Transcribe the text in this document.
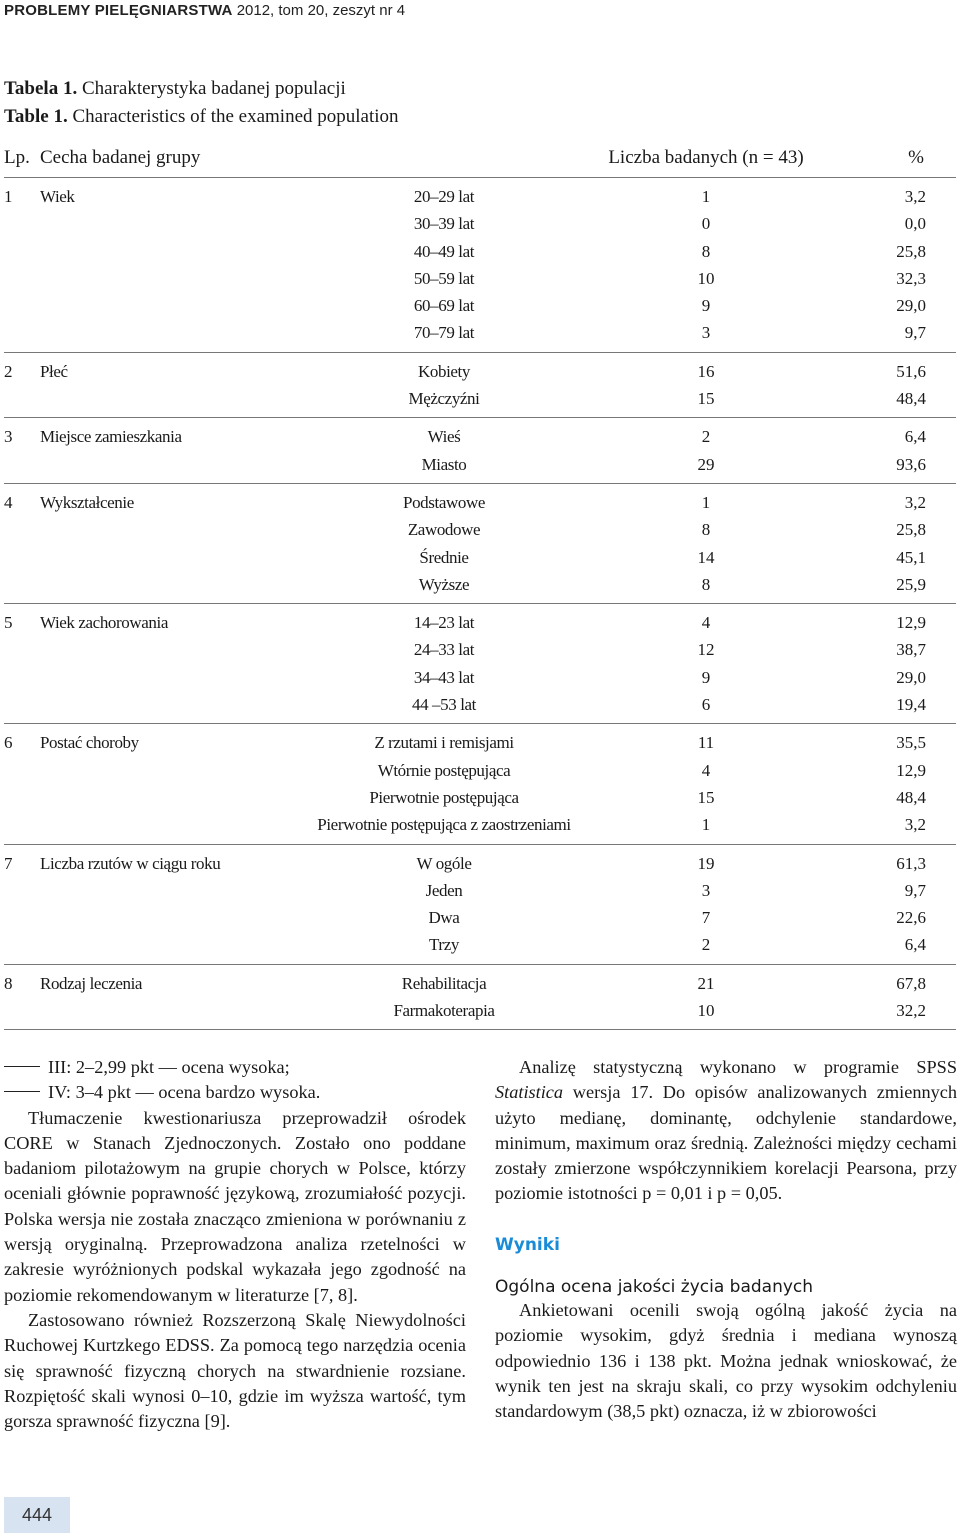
PROBLEMY PIELĘGNIARSTWA 2012, tom 20, zeszyt nr 4
Tabela 1. Charakterystyka badanej populacji
Table 1. Characteristics of the examined population
Lp. Cecha badanej grupy	Liczba badanych (n = 43)	%
1 Wiek	20–29 lat	1	3,2
30–39 lat	0	0,0
40–49 lat	8	25,8
50–59 lat	10	32,3
60–69 lat	9	29,0
70–79 lat	3	9,7
2 Płeć	Kobiety	16	51,6
Mężczyźni	15	48,4
3 Miejsce zamieszkania	Wieś	2	6,4
Miasto	29	93,6
4 Wykształcenie	Podstawowe	1	3,2
Zawodowe	8	25,8
Średnie	14	45,1
Wyższe	8	25,9
5 Wiek zachorowania	14–23 lat	4	12,9
24–33 lat	12	38,7
34–43 lat	9	29,0
44 –53 lat	6	19,4
6 Postać choroby	Z rzutami i remisjami	11	35,5
Wtórnie postępująca	4	12,9
Pierwotnie postępująca	15	48,4
Pierwotnie postępująca z zaostrzeniami	1	3,2
7 Liczba rzutów w ciągu roku	W ogóle	19	61,3
Jeden	3	9,7
Dwa	7	22,6
Trzy	2	6,4
8 Rodzaj leczenia	Rehabilitacja	21	67,8
Farmakoterapia	10	32,2
III: 2–2,99 pkt — ocena wysoka;
IV: 3–4 pkt — ocena bardzo wysoka.

Tłumaczenie kwestionariusza przeprowadził ośrodek CORE w Stanach Zjednoczonych. Zostało ono poddane badaniom pilotażowym na grupie chorych w Polsce, którzy oceniali głównie poprawność językową, zrozumiałość pozycji. Polska wersja nie została znacząco zmieniona w porównaniu z wersją oryginalną. Przeprowadzona analiza rzetelności w zakresie wyróżnionych podskal wykazała jego zgodność na poziomie rekomendowanym w literaturze [7, 8].

Zastosowano również Rozszerzoną Skalę Niewydolności Ruchowej Kurtzkego EDSS. Za pomocą tego narzędzia ocenia się sprawność fizyczną chorych na stwardnienie rozsiane. Rozpiętość skali wynosi 0–10, gdzie im wyższa wartość, tym gorsza sprawność fizyczna [9].

Analizę statystyczną wykonano w programie SPSS Statistica wersja 17. Do opisów analizowanych zmiennych użyto medianę, dominantę, odchylenie standardowe, minimum, maximum oraz średnią. Zależności między cechami zostały zmierzone współczynnikiem korelacji Pearsona, przy poziomie istotności p = 0,01 i p = 0,05.

Wyniki
Ogólna ocena jakości życia badanych

Ankietowani ocenili swoją ogólną jakość życia na poziomie wysokim, gdyż średnia i mediana wynoszą odpowiednio 136 i 138 pkt. Można jednak wnioskować, że wynik ten jest na skraju skali, co przy wysokim odchyleniu standardowym (38,5 pkt) oznacza, iż w zbiorowości

444
